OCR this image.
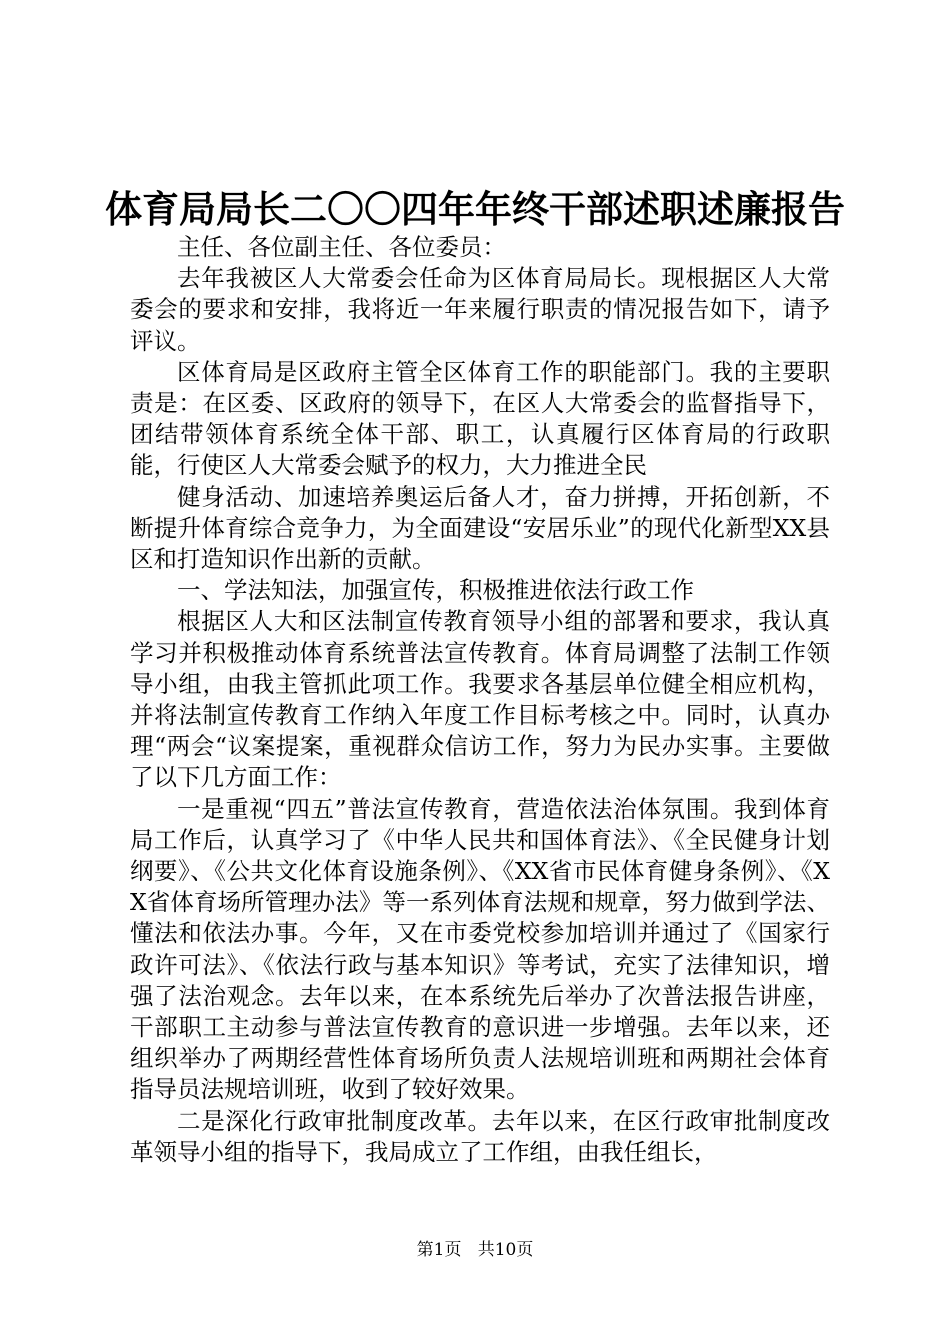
体育局局长二〇〇四年年终干部述职述廉报告

主任、各位副主任、各位委员：

去年我被区人大常委会任命为区体育局局长。现根据区人大常委会的要求和安排，我将近一年来履行职责的情况报告如下，请予评议。

区体育局是区政府主管全区体育工作的职能部门。我的主要职责是：在区委、区政府的领导下，在区人大常委会的监督指导下，团结带领体育系统全体干部、职工，认真履行区体育局的行政职能，行使区人大常委会赋予的权力，大力推进全民

健身活动、加速培养奥运后备人才，奋力拼搏，开拓创新，不断提升体育综合竞争力，为全面建设“安居乐业”的现代化新型XX县区和打造知识作出新的贡献。

一、学法知法，加强宣传，积极推进依法行政工作

根据区人大和区法制宣传教育领导小组的部署和要求，我认真学习并积极推动体育系统普法宣传教育。体育局调整了法制工作领导小组，由我主管抓此项工作。我要求各基层单位健全相应机构，并将法制宣传教育工作纳入年度工作目标考核之中。同时，认真办理“两会“议案提案，重视群众信访工作，努力为民办实事。主要做了以下几方面工作：

一是重视“四五”普法宣传教育，营造依法治体氛围。我到体育局工作后，认真学习了《中华人民共和国体育法》、《全民健身计划纲要》、《公共文化体育设施条例》、《XX省市民体育健身条例》、《XX省体育场所管理办法》等一系列体育法规和规章，努力做到学法、懂法和依法办事。今年，又在市委党校参加培训并通过了《国家行政许可法》、《依法行政与基本知识》等考试，充实了法律知识，增强了法治观念。去年以来，在本系统先后举办了次普法报告讲座，干部职工主动参与普法宣传教育的意识进一步增强。去年以来，还组织举办了两期经营性体育场所负责人法规培训班和两期社会体育指导员法规培训班，收到了较好效果。

二是深化行政审批制度改革。去年以来，在区行政审批制度改革领导小组的指导下，我局成立了工作组，由我任组长，

第1页 共10页
